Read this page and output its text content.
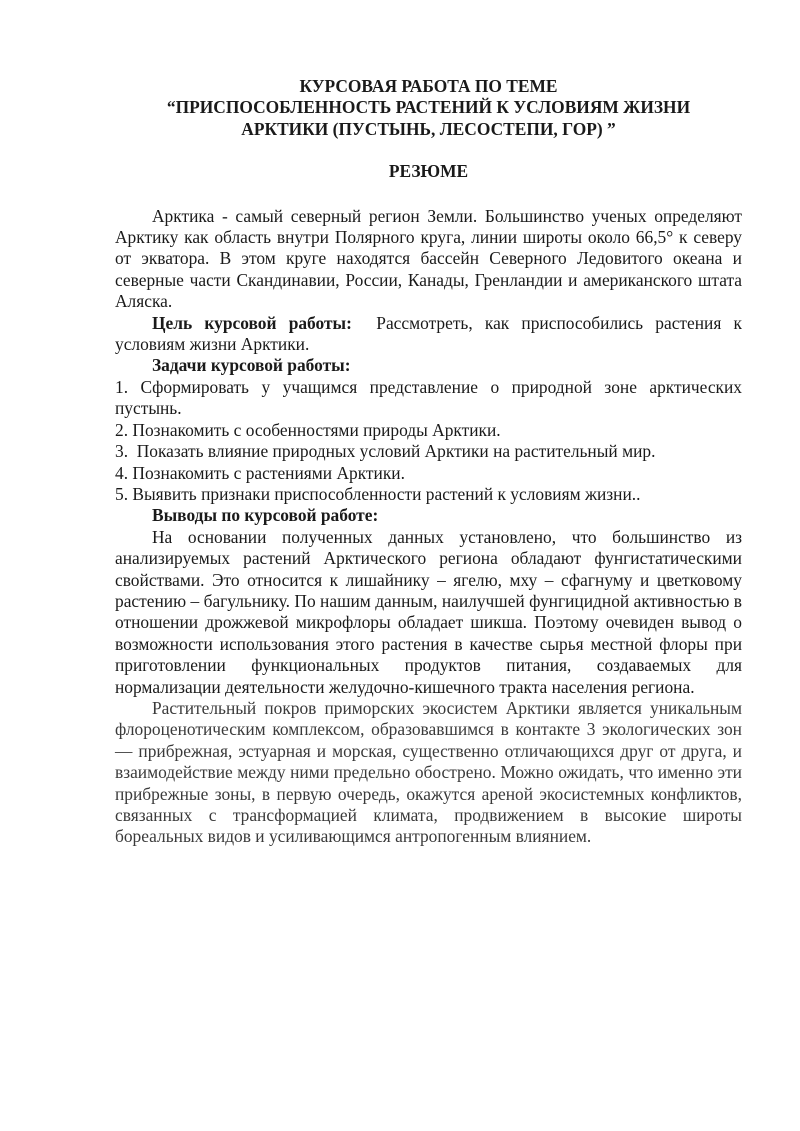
КУРСОВАЯ РАБОТА ПО ТЕМЕ
“ПРИСПОСОБЛЕННОСТЬ РАСТЕНИЙ К УСЛОВИЯМ ЖИЗНИ
АРКТИКИ (ПУСТЫНЬ, ЛЕСОСТЕПИ, ГОР) ”
РЕЗЮМЕ

Арктика - самый северный регион Земли. Большинство ученых определяют Арктику как область внутри Полярного круга, линии широты около 66,5° к северу от экватора. В этом круге находятся бассейн Северного Ледовитого океана и северные части Скандинавии, России, Канады, Гренландии и американского штата Аляска.

Цель курсовой работы:  Рассмотреть, как приспособились растения к условиям жизни Арктики.

Задачи курсовой работы:

1. Сформировать у учащимся представление о природной зоне арктических пустынь.

2. Познакомить с особенностями природы Арктики.

3.  Показать влияние природных условий Арктики на растительный мир.

4. Познакомить с растениями Арктики.

5. Выявить признаки приспособленности растений к условиям жизни..

Выводы по курсовой работе:

На основании полученных данных установлено, что большинство из анализируемых растений Арктического региона обладают фунгистатическими свойствами. Это относится к лишайнику – ягелю, мху – сфагнуму и цветковому растению – багульнику. По нашим данным, наилучшей фунгицидной активностью в отношении дрожжевой микрофлоры обладает шикша. Поэтому очевиден вывод о возможности использования этого растения в качестве сырья местной флоры при приготовлении функциональных продуктов питания, создаваемых для нормализации деятельности желудочно-кишечного тракта населения региона.

Растительный покров приморских экосистем Арктики является уникальным флороценотическим комплексом, образовавшимся в контакте 3 экологических зон — прибрежная, эстуарная и морская, существенно отличающихся друг от друга, и взаимодействие между ними предельно обострено. Можно ожидать, что именно эти прибрежные зоны, в первую очередь, окажутся ареной экосистемных конфликтов, связанных с трансформацией климата, продвижением в высокие широты бореальных видов и усиливающимся антропогенным влиянием.
